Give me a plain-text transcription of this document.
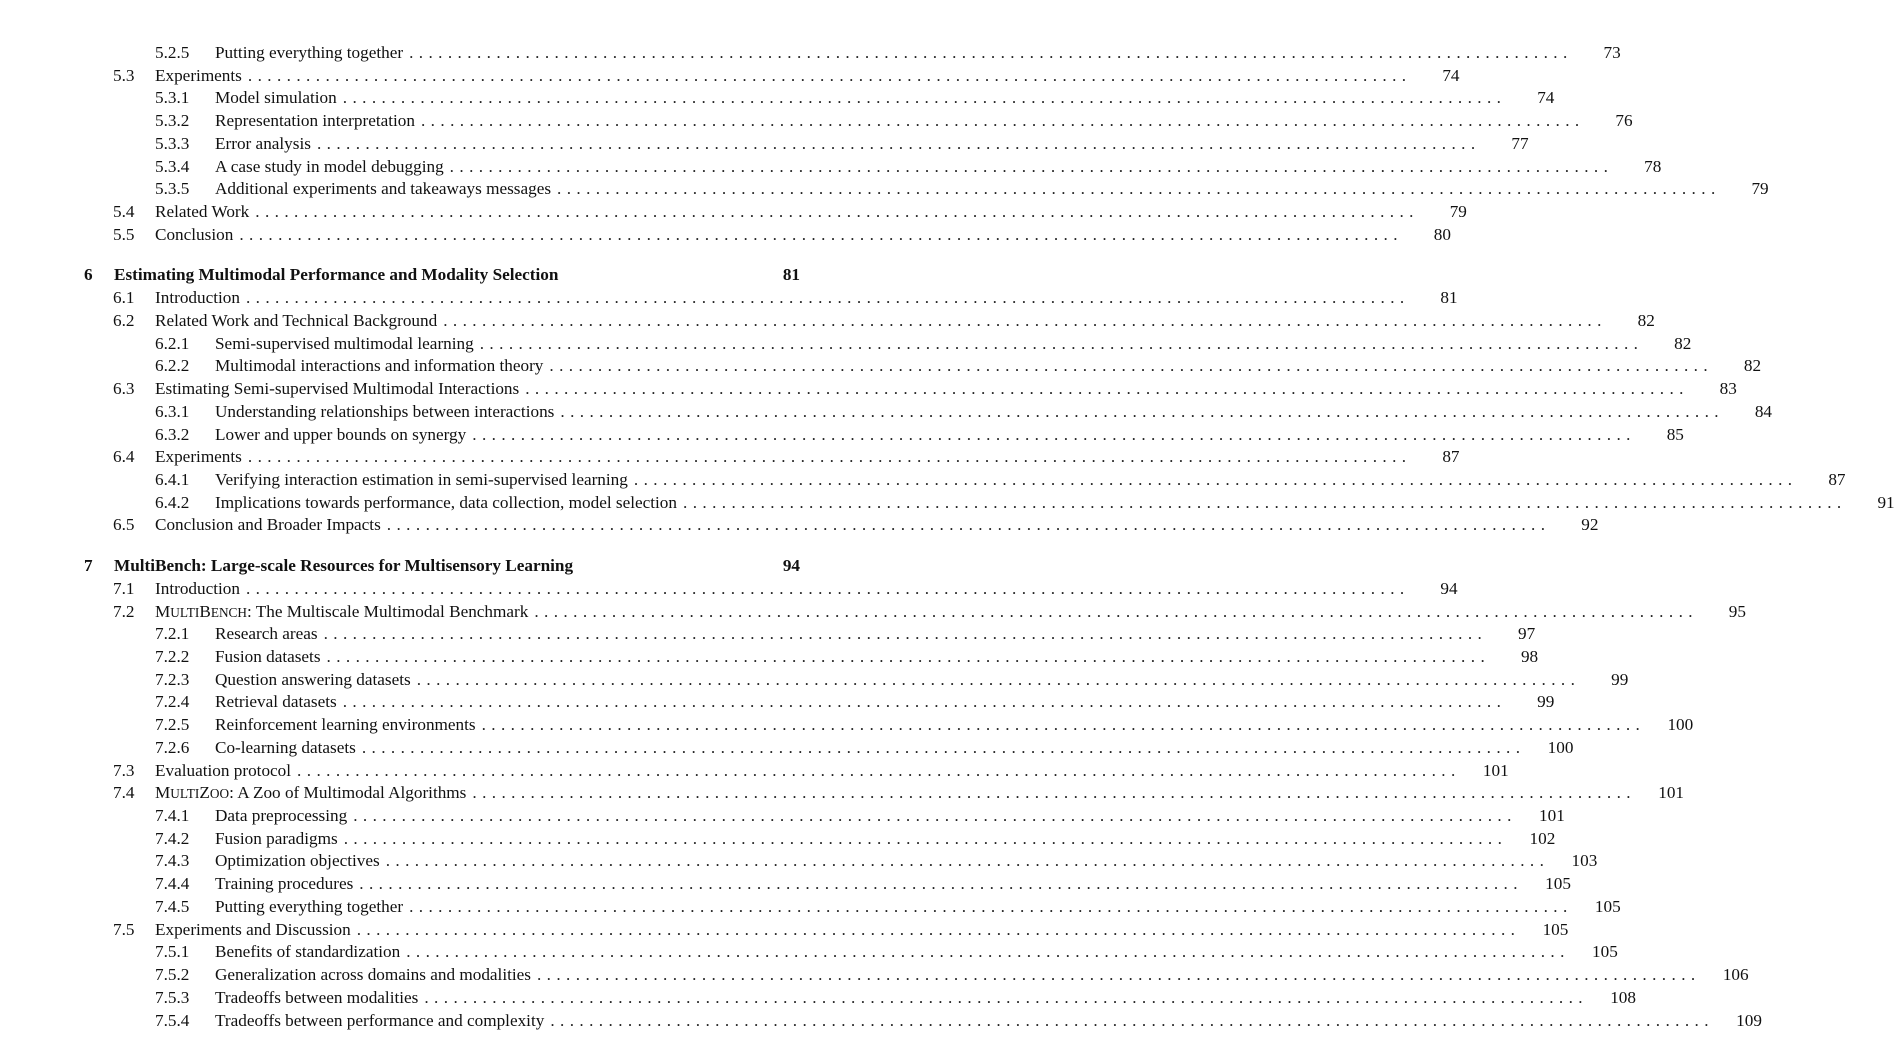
5.2.5	Putting everything together ........................................................................................................................	73
5.3	Experiments ........................................................................................................................	74
5.3.1	Model simulation ........................................................................................................................	74
5.3.2	Representation interpretation ........................................................................................................................	76
5.3.3	Error analysis ........................................................................................................................	77
5.3.4	A case study in model debugging ........................................................................................................................	78
5.3.5	Additional experiments and takeaways messages ........................................................................................................................	79
5.4	Related Work ........................................................................................................................	79
5.5	Conclusion ........................................................................................................................	80
6	Estimating Multimodal Performance and Modality Selection	81
6.1	Introduction ........................................................................................................................	81
6.2	Related Work and Technical Background ........................................................................................................................	82
6.2.1	Semi-supervised multimodal learning ........................................................................................................................	82
6.2.2	Multimodal interactions and information theory ........................................................................................................................	82
6.3	Estimating Semi-supervised Multimodal Interactions ........................................................................................................................	83
6.3.1	Understanding relationships between interactions ........................................................................................................................	84
6.3.2	Lower and upper bounds on synergy ........................................................................................................................	85
6.4	Experiments ........................................................................................................................	87
6.4.1	Verifying interaction estimation in semi-supervised learning ........................................................................................................................	87
6.4.2	Implications towards performance, data collection, model selection ........................................................................................................................	91
6.5	Conclusion and Broader Impacts ........................................................................................................................	92
7	MultiBench: Large-scale Resources for Multisensory Learning	94
7.1	Introduction ........................................................................................................................	94
7.2	MULTIBENCH: The Multiscale Multimodal Benchmark ........................................................................................................................	95
7.2.1	Research areas ........................................................................................................................	97
7.2.2	Fusion datasets ........................................................................................................................	98
7.2.3	Question answering datasets ........................................................................................................................	99
7.2.4	Retrieval datasets ........................................................................................................................	99
7.2.5	Reinforcement learning environments ........................................................................................................................	100
7.2.6	Co-learning datasets ........................................................................................................................	100
7.3	Evaluation protocol ........................................................................................................................	101
7.4	MULTIZOO: A Zoo of Multimodal Algorithms ........................................................................................................................	101
7.4.1	Data preprocessing ........................................................................................................................	101
7.4.2	Fusion paradigms ........................................................................................................................	102
7.4.3	Optimization objectives ........................................................................................................................	103
7.4.4	Training procedures ........................................................................................................................	105
7.4.5	Putting everything together ........................................................................................................................	105
7.5	Experiments and Discussion ........................................................................................................................	105
7.5.1	Benefits of standardization ........................................................................................................................	105
7.5.2	Generalization across domains and modalities ........................................................................................................................	106
7.5.3	Tradeoffs between modalities ........................................................................................................................	108
7.5.4	Tradeoffs between performance and complexity ........................................................................................................................	109
